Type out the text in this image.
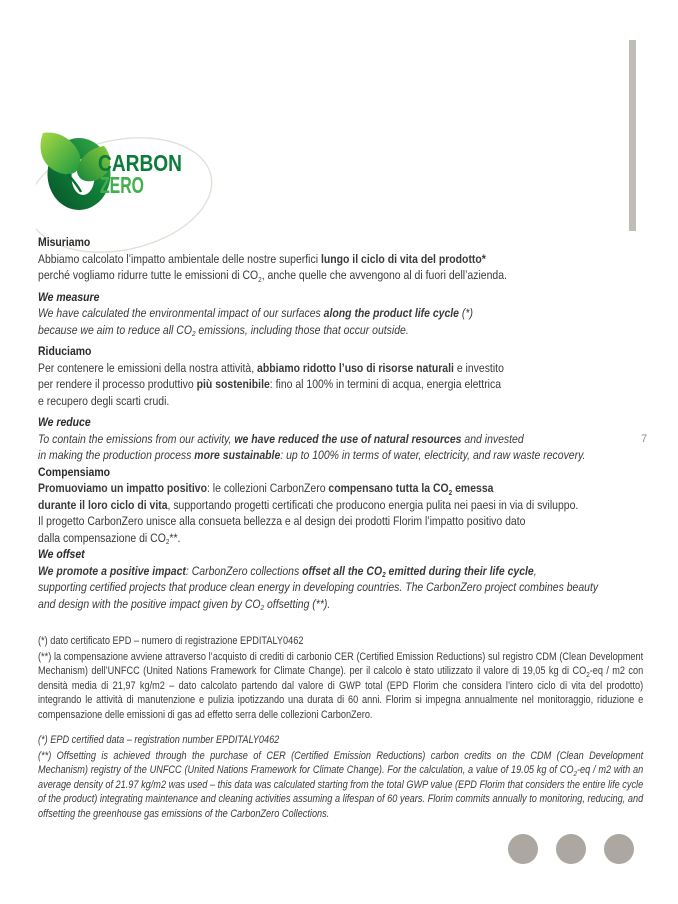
CARBON
ZERO
Misuriamo

Abbiamo calcolato l’impatto ambientale delle nostre superfici lungo il ciclo di vita del prodotto*
perché vogliamo ridurre tutte le emissioni di $CO_2$, anche quelle che avvengono al di fuori dell’azienda.

We measure

We have calculated the environmental impact of our surfaces along the product life cycle (*)
because we aim to reduce all $CO_2$ emissions, including those that occur outside.

Riduciamo

Per contenere le emissioni della nostra attività, abbiamo ridotto l’uso di risorse naturali e investito
per rendere il processo produttivo più sostenibile: fino al 100% in termini di acqua, energia elettrica
e recupero degli scarti crudi.

We reduce

To contain the emissions from our activity, we have reduced the use of natural resources and invested
in making the production process more sustainable: up to 100% in terms of water, electricity, and raw waste recovery.

Compensiamo

Promuoviamo un impatto positivo: le collezioni CarbonZero compensano tutta la $CO_2$ emessa
durante il loro ciclo di vita, supportando progetti certificati che producono energia pulita nei paesi in via di sviluppo.
Il progetto CarbonZero unisce alla consueta bellezza e al design dei prodotti Florim l’impatto positivo dato
dalla compensazione di $CO_2**$.

We offset

We promote a positive impact: CarbonZero collections offset all the $CO_2$ emitted during their life cycle,
supporting certified projects that produce clean energy in developing countries. The CarbonZero project combines beauty
and design with the positive impact given by $CO_2$ offsetting (**).

7

(*) dato certificato EPD – numero di registrazione EPDITALY0462

(**) la compensazione avviene attraverso l’acquisto di crediti di carbonio CER (Certified Emission Reductions) sul registro CDM (Clean Development Mechanism) dell’UNFCC (United Nations Framework for Climate Change). per il calcolo è stato utilizzato il valore di 19,05 kg di $CO_2-eq / m2$ con densità media di 21,97 kg/m2 – dato calcolato partendo dal valore di GWP total (EPD Florim che considera l’intero ciclo di vita del prodotto) integrando le attività di manutenzione e pulizia ipotizzando una durata di 60 anni. Florim si impegna annualmente nel monitoraggio, riduzione e compensazione delle emissioni di gas ad effetto serra delle collezioni CarbonZero.

(*) EPD certified data – registration number EPDITALY0462

(**) Offsetting is achieved through the purchase of CER (Certified Emission Reductions) carbon credits on the CDM (Clean Development Mechanism) registry of the UNFCC (United Nations Framework for Climate Change). For the calculation, a value of 19.05 kg of $CO_2-eq / m2$ with an average density of 21.97 kg/m2 was used – this data was calculated starting from the total GWP value (EPD Florim that considers the entire life cycle of the product) integrating maintenance and cleaning activities assuming a lifespan of 60 years. Florim commits annually to monitoring, reducing, and offsetting the greenhouse gas emissions of the CarbonZero Collections.
